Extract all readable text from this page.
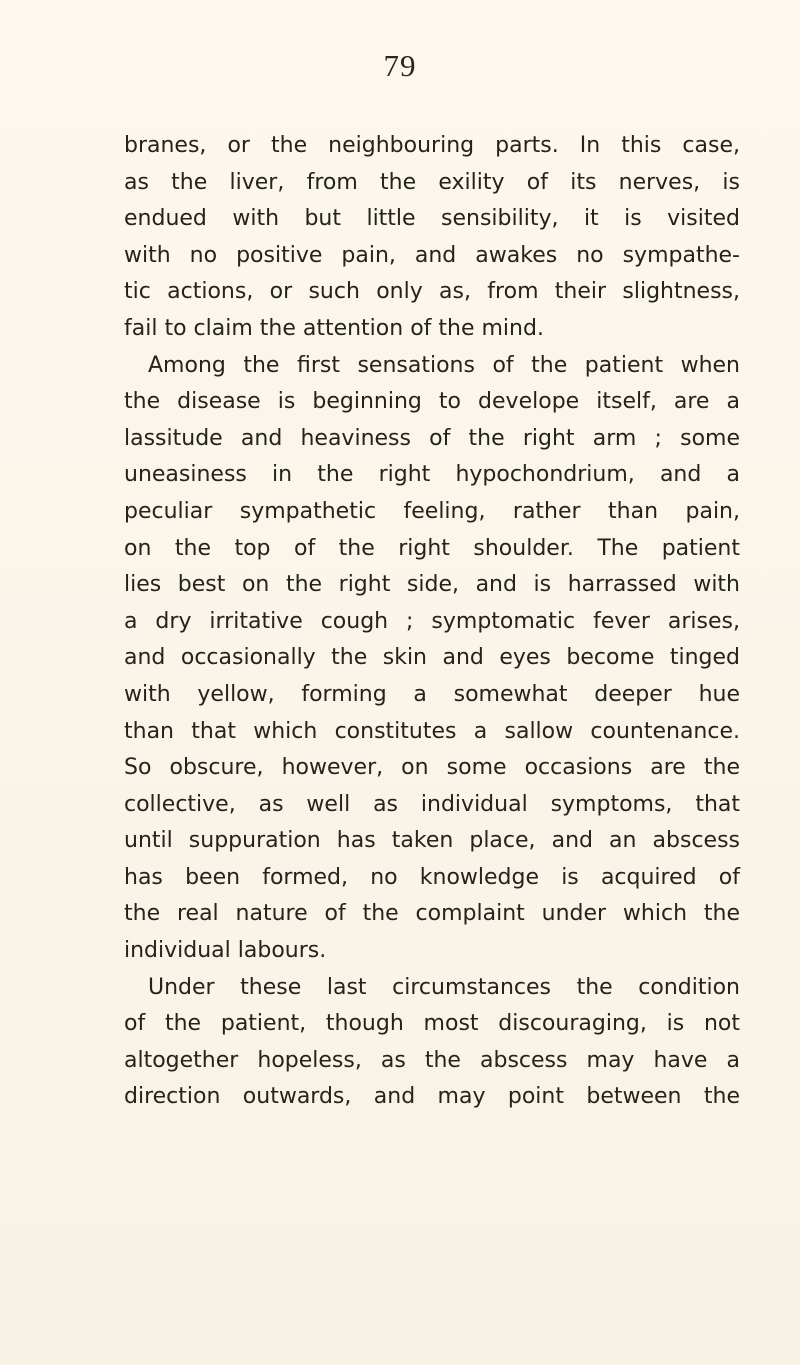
79
branes, or the neighbouring parts. In this case,
as the liver, from the exility of its nerves, is
endued with but little sensibility, it is visited
with no positive pain, and awakes no sympathe-
tic actions, or such only as, from their slightness,
fail to claim the attention of the mind.
Among the first sensations of the patient when
the disease is beginning to develope itself, are a
lassitude and heaviness of the right arm ; some
uneasiness in the right hypochondrium, and a
peculiar sympathetic feeling, rather than pain,
on the top of the right shoulder. The patient
lies best on the right side, and is harrassed with
a dry irritative cough ; symptomatic fever arises,
and occasionally the skin and eyes become tinged
with yellow, forming a somewhat deeper hue
than that which constitutes a sallow countenance.
So obscure, however, on some occasions are the
collective, as well as individual symptoms, that
until suppuration has taken place, and an abscess
has been formed, no knowledge is acquired of
the real nature of the complaint under which the
individual labours.
Under these last circumstances the condition
of the patient, though most discouraging, is not
altogether hopeless, as the abscess may have a
direction outwards, and may point between the
